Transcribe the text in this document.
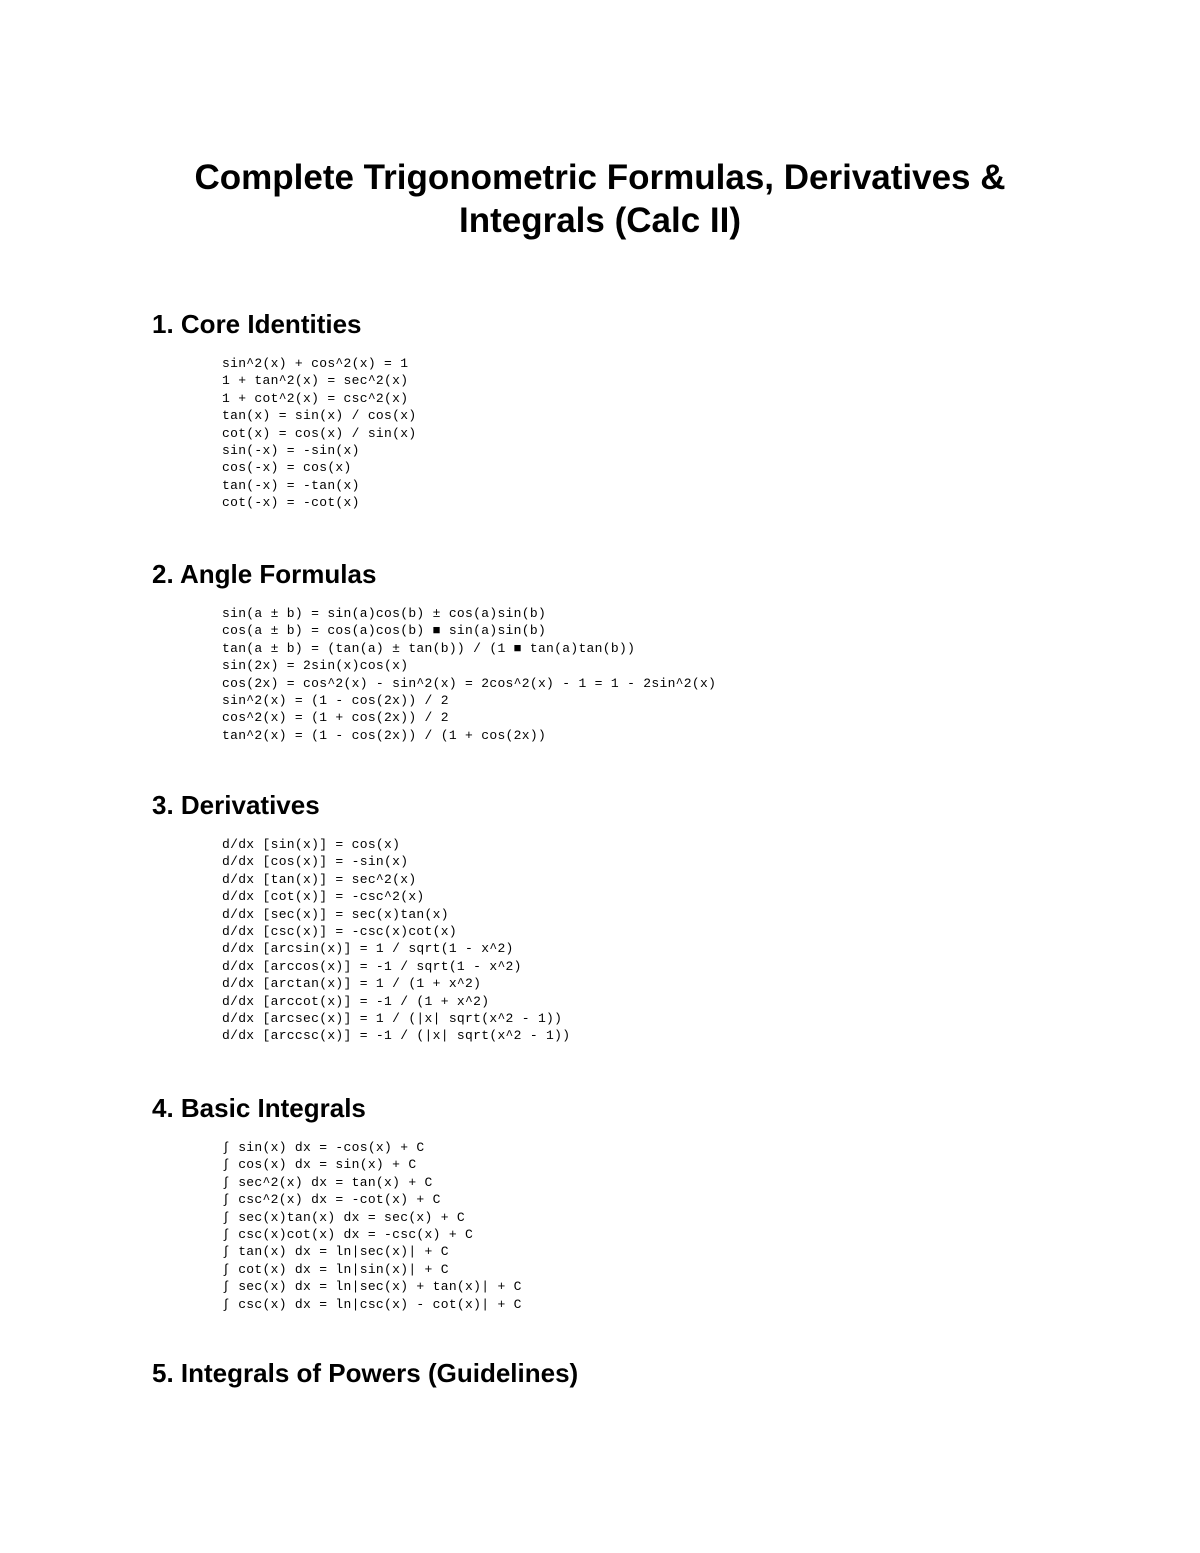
Complete Trigonometric Formulas, Derivatives &
Integrals (Calc II)
1. Core Identities
sin^2(x) + cos^2(x) = 1
1 + tan^2(x) = sec^2(x)
1 + cot^2(x) = csc^2(x)
tan(x) = sin(x) / cos(x)
cot(x) = cos(x) / sin(x)
sin(-x) = -sin(x)
cos(-x) = cos(x)
tan(-x) = -tan(x)
cot(-x) = -cot(x)
2. Angle Formulas
sin(a ± b) = sin(a)cos(b) ± cos(a)sin(b)
cos(a ± b) = cos(a)cos(b) ■ sin(a)sin(b)
tan(a ± b) = (tan(a) ± tan(b)) / (1 ■ tan(a)tan(b))
sin(2x) = 2sin(x)cos(x)
cos(2x) = cos^2(x) - sin^2(x) = 2cos^2(x) - 1 = 1 - 2sin^2(x)
sin^2(x) = (1 - cos(2x)) / 2
cos^2(x) = (1 + cos(2x)) / 2
tan^2(x) = (1 - cos(2x)) / (1 + cos(2x))
3. Derivatives
d/dx [sin(x)] = cos(x)
d/dx [cos(x)] = -sin(x)
d/dx [tan(x)] = sec^2(x)
d/dx [cot(x)] = -csc^2(x)
d/dx [sec(x)] = sec(x)tan(x)
d/dx [csc(x)] = -csc(x)cot(x)
d/dx [arcsin(x)] = 1 / sqrt(1 - x^2)
d/dx [arccos(x)] = -1 / sqrt(1 - x^2)
d/dx [arctan(x)] = 1 / (1 + x^2)
d/dx [arccot(x)] = -1 / (1 + x^2)
d/dx [arcsec(x)] = 1 / (|x| sqrt(x^2 - 1))
d/dx [arccsc(x)] = -1 / (|x| sqrt(x^2 - 1))
4. Basic Integrals
∫ sin(x) dx = -cos(x) + C
∫ cos(x) dx = sin(x) + C
∫ sec^2(x) dx = tan(x) + C
∫ csc^2(x) dx = -cot(x) + C
∫ sec(x)tan(x) dx = sec(x) + C
∫ csc(x)cot(x) dx = -csc(x) + C
∫ tan(x) dx = ln|sec(x)| + C
∫ cot(x) dx = ln|sin(x)| + C
∫ sec(x) dx = ln|sec(x) + tan(x)| + C
∫ csc(x) dx = ln|csc(x) - cot(x)| + C
5. Integrals of Powers (Guidelines)
